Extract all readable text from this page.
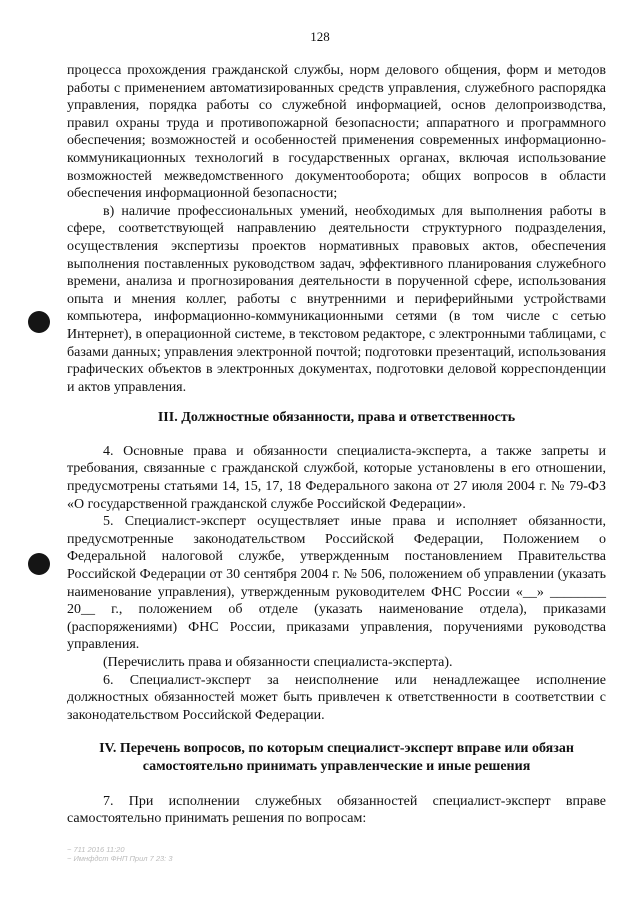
128

процесса прохождения гражданской службы, норм делового общения, форм и методов работы с применением автоматизированных средств управления, служебного распорядка управления, порядка работы со служебной информацией, основ делопроизводства, правил охраны труда и противопожарной безопасности; аппаратного и программного обеспечения; возможностей и особенностей применения современных информационно-коммуникационных технологий в государственных органах, включая использование возможностей межведомственного документооборота; общих вопросов в области обеспечения информационной безопасности;

в) наличие профессиональных умений, необходимых для выполнения работы в сфере, соответствующей направлению деятельности структурного подразделения, осуществления экспертизы проектов нормативных правовых актов, обеспечения выполнения поставленных руководством задач, эффективного планирования служебного времени, анализа и прогнозирования деятельности в порученной сфере, использования опыта и мнения коллег, работы с внутренними и периферийными устройствами компьютера, информационно-коммуникационными сетями (в том числе с сетью Интернет), в операционной системе, в текстовом редакторе, с электронными таблицами, с базами данных; управления электронной почтой; подготовки презентаций, использования графических объектов в электронных документах, подготовки деловой корреспонденции и актов управления.

III. Должностные обязанности, права и ответственность

4. Основные права и обязанности специалиста-эксперта, а также запреты и требования, связанные с гражданской службой, которые установлены в его отношении, предусмотрены статьями 14, 15, 17, 18 Федерального закона от 27 июля 2004 г. № 79-ФЗ «О государственной гражданской службе Российской Федерации».

5. Специалист-эксперт осуществляет иные права и исполняет обязанности, предусмотренные законодательством Российской Федерации, Положением о Федеральной налоговой службе, утвержденным постановлением Правительства Российской Федерации от 30 сентября 2004 г. № 506, положением об управлении (указать наименование управления), утвержденным руководителем ФНС России «__» ________ 20__ г., положением об отделе (указать наименование отдела), приказами (распоряжениями) ФНС России, приказами управления, поручениями руководства управления.

(Перечислить права и обязанности специалиста-эксперта).

6. Специалист-эксперт за неисполнение или ненадлежащее исполнение должностных обязанностей может быть привлечен к ответственности в соответствии с законодательством Российской Федерации.

IV. Перечень вопросов, по которым специалист-эксперт вправе или обязан
самостоятельно принимать управленческие и иные решения

7. При исполнении служебных обязанностей специалист-эксперт вправе самостоятельно принимать решения по вопросам:

~ 711 2016 11:20
~ Имнфдст ФНП Прил 7 23: 3
